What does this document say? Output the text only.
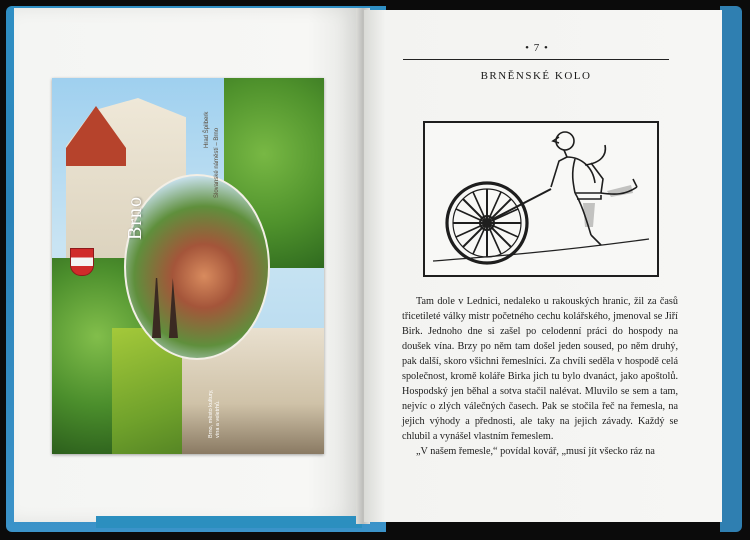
Brno
Hrad Špilberk Slovanské náměstí – Brno
Brno, město kultury, vína a veletrhů.
• 7 •
BRNĚNSKÉ KOLO

Tam dole v Lednici, nedaleko u rakouských hranic, žil za časů třicetileté války mistr početného cechu kolářského, jmenoval se Jiří Birk. Jednoho dne si zašel po celodenní práci do hospody na doušek vína. Brzy po něm tam došel jeden soused, po něm druhý, pak další, skoro všichni řemeslníci. Za chvíli seděla v hospodě celá společnost, kromě koláře Birka jich tu bylo dvanáct, jako apoštolů. Hospodský jen běhal a sotva stačil nalévat. Mluvilo se sem a tam, nejvíc o zlých válečných časech. Pak se stočila řeč na řemesla, na jejich výhody a přednosti, ale taky na jejich závady. Každý se chlubil a vynášel vlastním řemeslem.

„V našem řemesle,“ povídal kovář, „musí jít všecko ráz na
